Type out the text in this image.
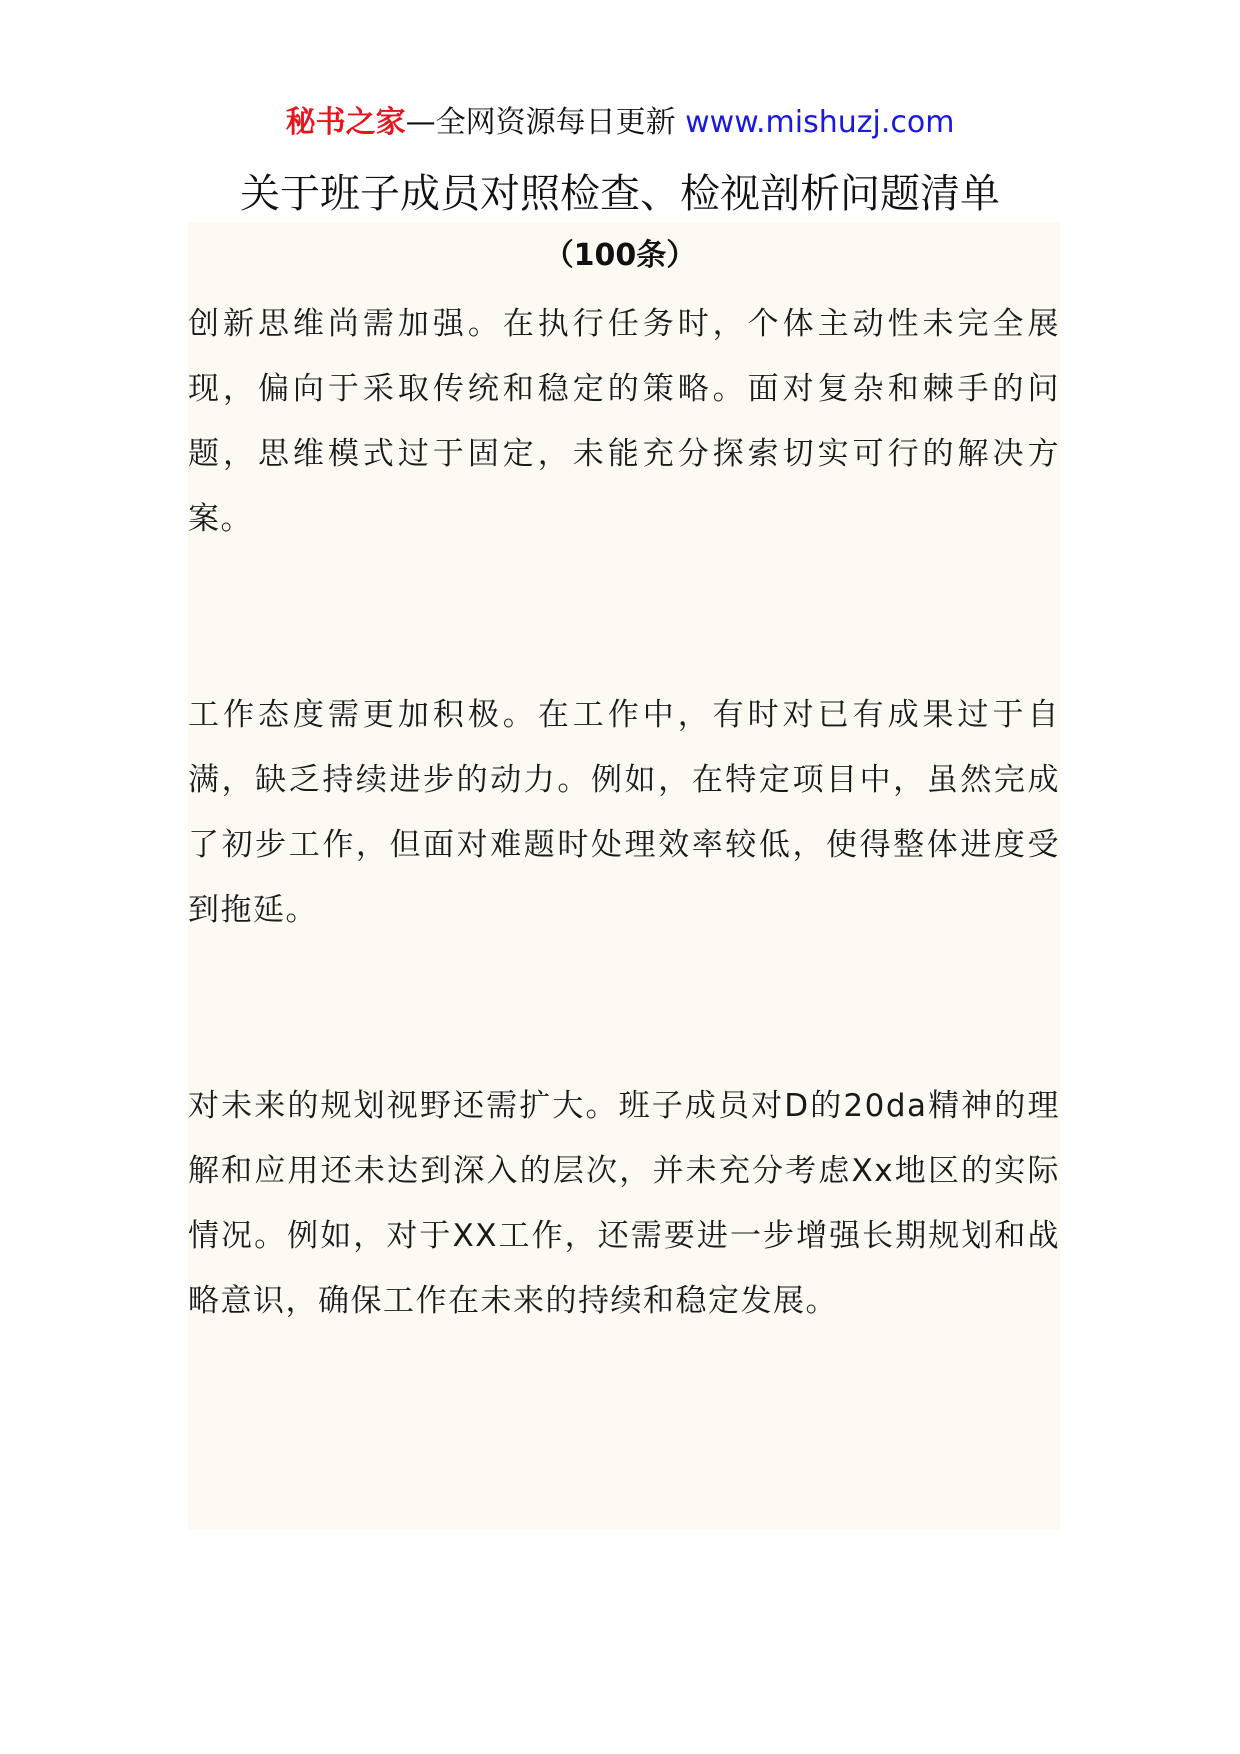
秘书之家—全网资源每日更新 www.mishuzj.com
关于班子成员对照检查、检视剖析问题清单
（100条）

创新思维尚需加强。在执行任务时，个体主动性未完全展现，偏向于采取传统和稳定的策略。面对复杂和棘手的问题，思维模式过于固定，未能充分探索切实可行的解决方案。

工作态度需更加积极。在工作中，有时对已有成果过于自满，缺乏持续进步的动力。例如，在特定项目中，虽然完成了初步工作，但面对难题时处理效率较低，使得整体进度受到拖延。

对未来的规划视野还需扩大。班子成员对D的20da精神的理解和应用还未达到深入的层次，并未充分考虑Xx地区的实际情况。例如，对于XX工作，还需要进一步增强长期规划和战略意识，确保工作在未来的持续和稳定发展。
